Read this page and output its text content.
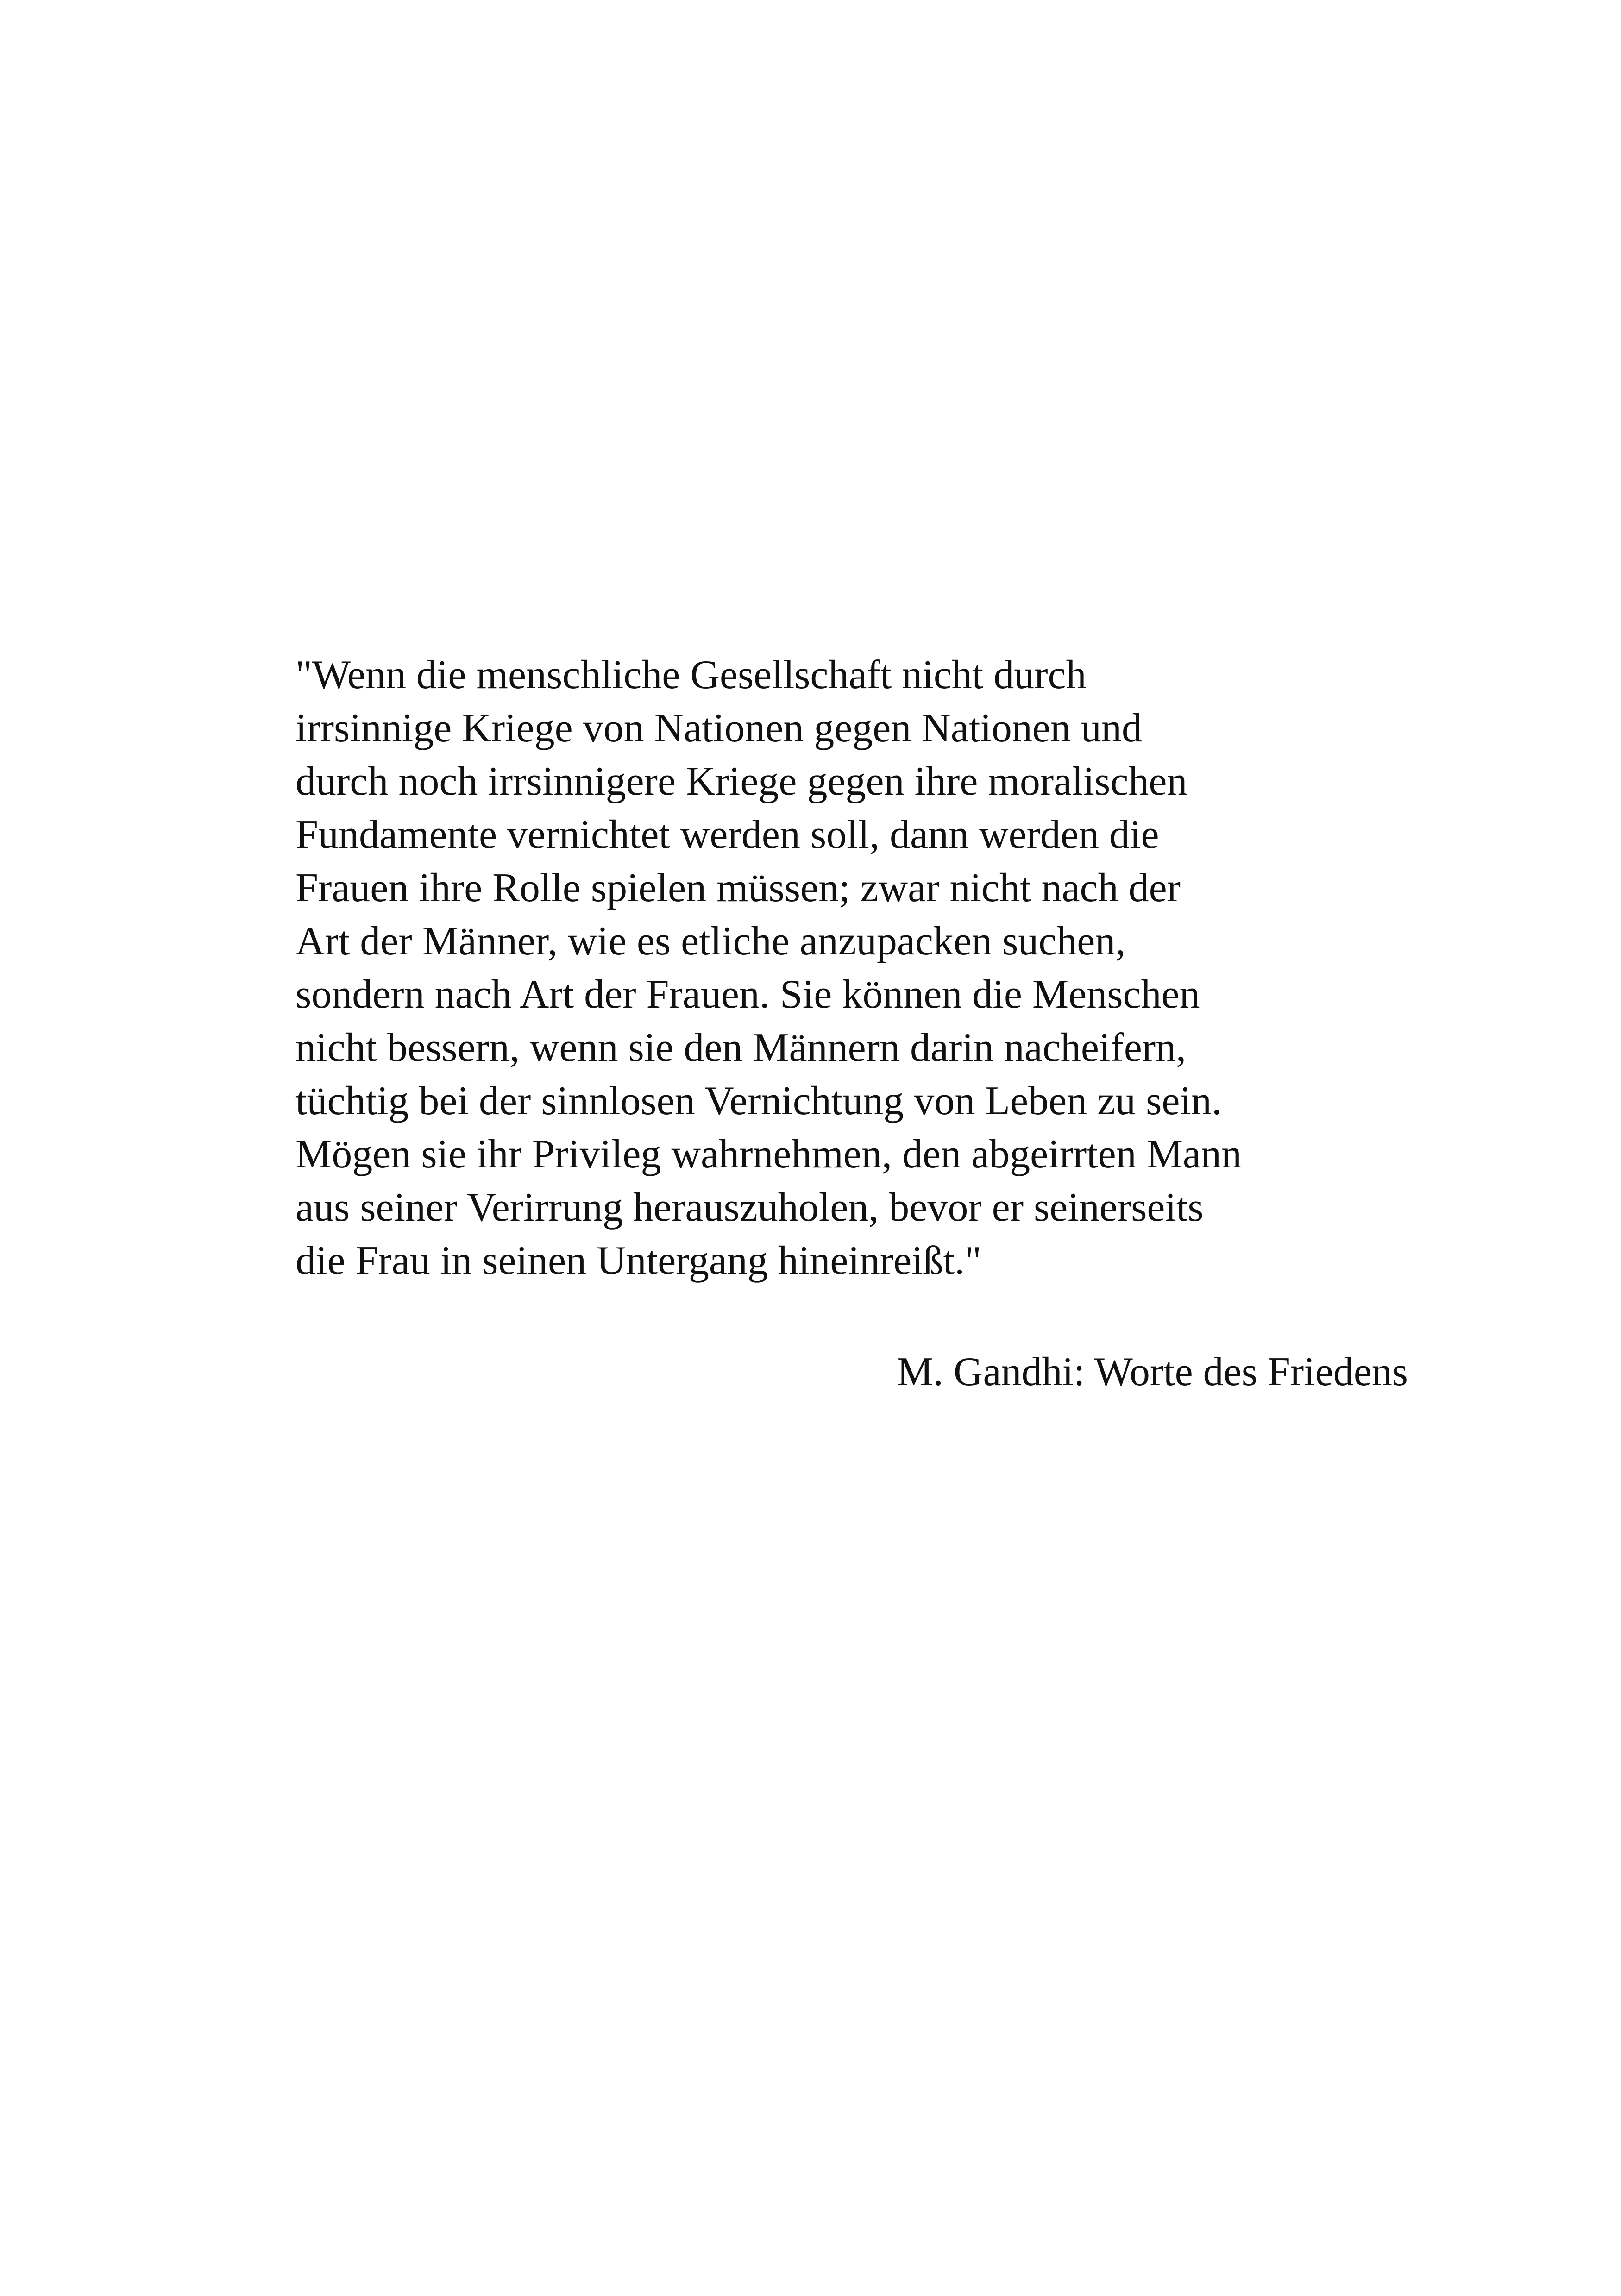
"Wenn die menschliche Gesellschaft nicht durch
irrsinnige Kriege von Nationen gegen Nationen und
durch noch irrsinnigere Kriege gegen ihre moralischen
Fundamente vernichtet werden soll, dann werden die
Frauen ihre Rolle spielen müssen; zwar nicht nach der
Art der Männer, wie es etliche anzupacken suchen,
sondern nach Art der Frauen. Sie können die Menschen
nicht bessern, wenn sie den Männern darin nacheifern,
tüchtig bei der sinnlosen Vernichtung von Leben zu sein.
Mögen sie ihr Privileg wahrnehmen, den abgeirrten Mann
aus seiner Verirrung herauszuholen, bevor er seinerseits
die Frau in seinen Untergang hineinreißt."

M. Gandhi: Worte des Friedens
